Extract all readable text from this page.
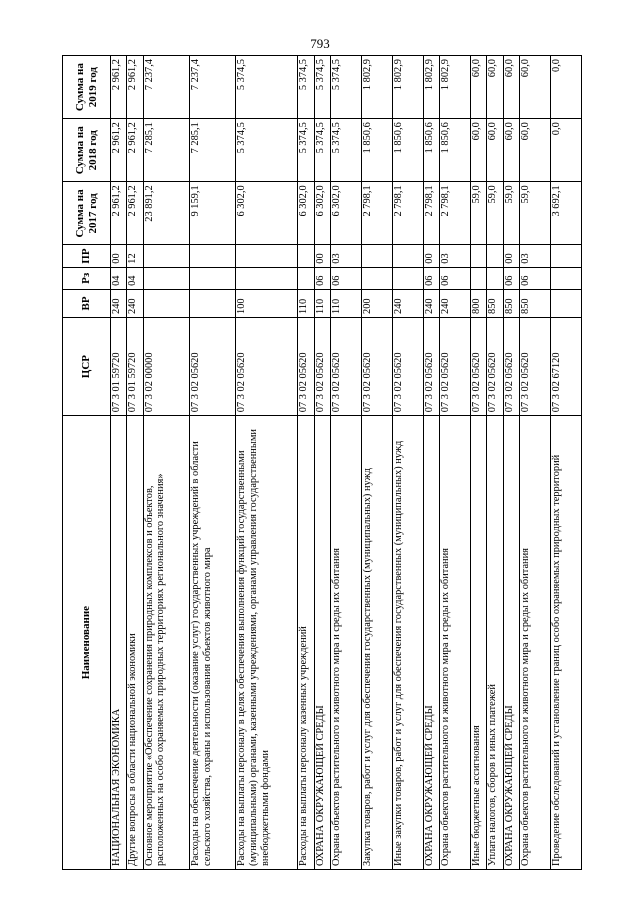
793
Наименование	ЦСР	ВР	Рз	ПР	Сумма на 2017 год	Сумма на 2018 год	Сумма на 2019 год
НАЦИОНАЛЬНАЯ ЭКОНОМИКА	07 3 01 59720	240	04	00	2 961,2	2 961,2	2 961,2
Другие вопросы в области национальной экономики	07 3 01 59720	240	04	12	2 961,2	2 961,2	2 961,2
Основное мероприятие «Обеспечение сохранения природных комплексов и объектов, расположенных на особо охраняемых природных территориях регионального значения»	07 3 02 00000				23 891,2	7 285,1	7 237,4
Расходы на обеспечение деятельности (оказание услуг) государственных учреждений в области сельского хозяйства, охраны и использования объектов животного мира	07 3 02 05620				9 159,1	7 285,1	7 237,4
Расходы на выплаты персоналу в целях обеспечения выполнения функций государственными (муниципальными) органами, казенными учреждениями, органами управления государственными внебюджетными фондами	07 3 02 05620	100			6 302,0	5 374,5	5 374,5
Расходы на выплаты персоналу казенных учреждений	07 3 02 05620	110			6 302,0	5 374,5	5 374,5
ОХРАНА ОКРУЖАЮЩЕЙ СРЕДЫ	07 3 02 05620	110	06	00	6 302,0	5 374,5	5 374,5
Охрана объектов растительного и животного мира и среды их обитания	07 3 02 05620	110	06	03	6 302,0	5 374,5	5 374,5
Закупка товаров, работ и услуг для обеспечения государственных (муниципальных) нужд	07 3 02 05620	200			2 798,1	1 850,6	1 802,9
Иные закупки товаров, работ и услуг для обеспечения государственных (муниципальных) нужд	07 3 02 05620	240			2 798,1	1 850,6	1 802,9
ОХРАНА ОКРУЖАЮЩЕЙ СРЕДЫ	07 3 02 05620	240	06	00	2 798,1	1 850,6	1 802,9
Охрана объектов растительного и животного мира и среды их обитания	07 3 02 05620	240	06	03	2 798,1	1 850,6	1 802,9
Иные бюджетные ассигнования	07 3 02 05620	800			59,0	60,0	60,0
Уплата налогов, сборов и иных платежей	07 3 02 05620	850			59,0	60,0	60,0
ОХРАНА ОКРУЖАЮЩЕЙ СРЕДЫ	07 3 02 05620	850	06	00	59,0	60,0	60,0
Охрана объектов растительного и животного мира и среды их обитания	07 3 02 05620	850	06	03	59,0	60,0	60,0
Проведение обследований и установление границ особо охраняемых природных территорий	07 3 02 67120				3 692,1	0,0	0,0
